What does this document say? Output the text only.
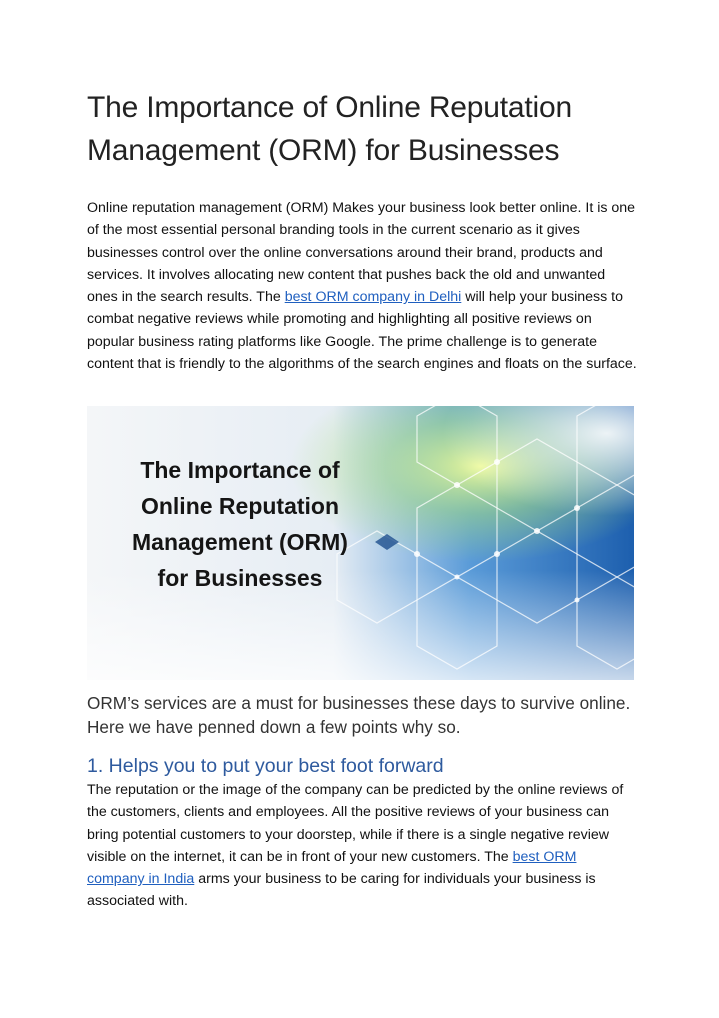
The Importance of Online Reputation Management (ORM) for Businesses

Online reputation management (ORM) Makes your business look better online. It is one of the most essential personal branding tools in the current scenario as it gives businesses control over the online conversations around their brand, products and services. It involves allocating new content that pushes back the old and unwanted ones in the search results. The best ORM company in Delhi will help your business to combat negative reviews while promoting and highlighting all positive reviews on popular business rating platforms like Google. The prime challenge is to generate content that is friendly to the algorithms of the search engines and floats on the surface.

The Importance of
Online Reputation
Management (ORM)
for Businesses

ORM’s services are a must for businesses these days to survive online. Here we have penned down a few points why so.

1. Helps you to put your best foot forward

The reputation or the image of the company can be predicted by the online reviews of the customers, clients and employees. All the positive reviews of your business can bring potential customers to your doorstep, while if there is a single negative review visible on the internet, it can be in front of your new customers. The best ORM company in India arms your business to be caring for individuals your business is associated with.
